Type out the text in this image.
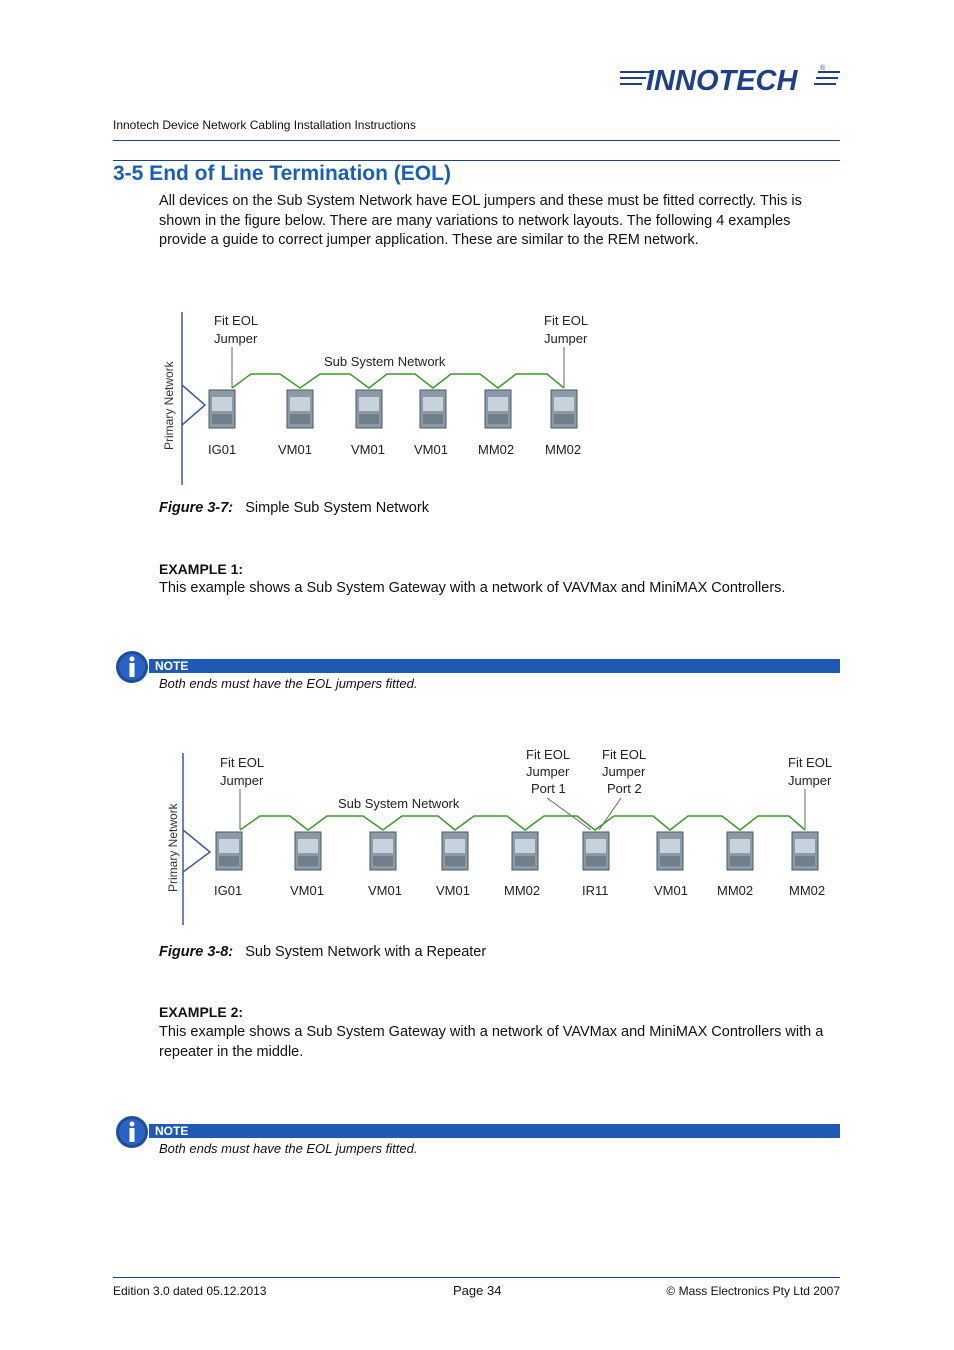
INNOTECH	®
Innotech Device Network Cabling Installation Instructions
3-5 End of Line Termination (EOL)
All devices on the Sub System Network have EOL jumpers and these must be fitted correctly. This is
shown in the figure below. There are many variations to network layouts. The following 4 examples
provide a guide to correct jumper application. These are similar to the REM network.
Primary Network
Fit EOL
Jumper
Fit EOL
Jumper
Sub System Network
IG01	VM01	VM01 VM01 MM02 MM02
Figure 3-7: Simple Sub System Network
EXAMPLE 1:
This example shows a Sub System Gateway with a network of VAVMax and MiniMAX Controllers.
NOTE
Both ends must have the EOL jumpers fitted.
Primary Network
Fit EOL
Jumper
Fit EOL
Jumper
Port 1
Fit EOL
Jumper
Port 2
Fit EOL
Jumper
Sub System Network
IG01	VM01	VM01	VM01	MM02	IR11	VM01 MM02	MM02
Figure 3-8: Sub System Network with a Repeater
EXAMPLE 2:
This example shows a Sub System Gateway with a network of VAVMax and MiniMAX Controllers with a
repeater in the middle.
NOTE
Both ends must have the EOL jumpers fitted.
Edition 3.0 dated 05.12.2013	Page 34	© Mass Electronics Pty Ltd 2007
